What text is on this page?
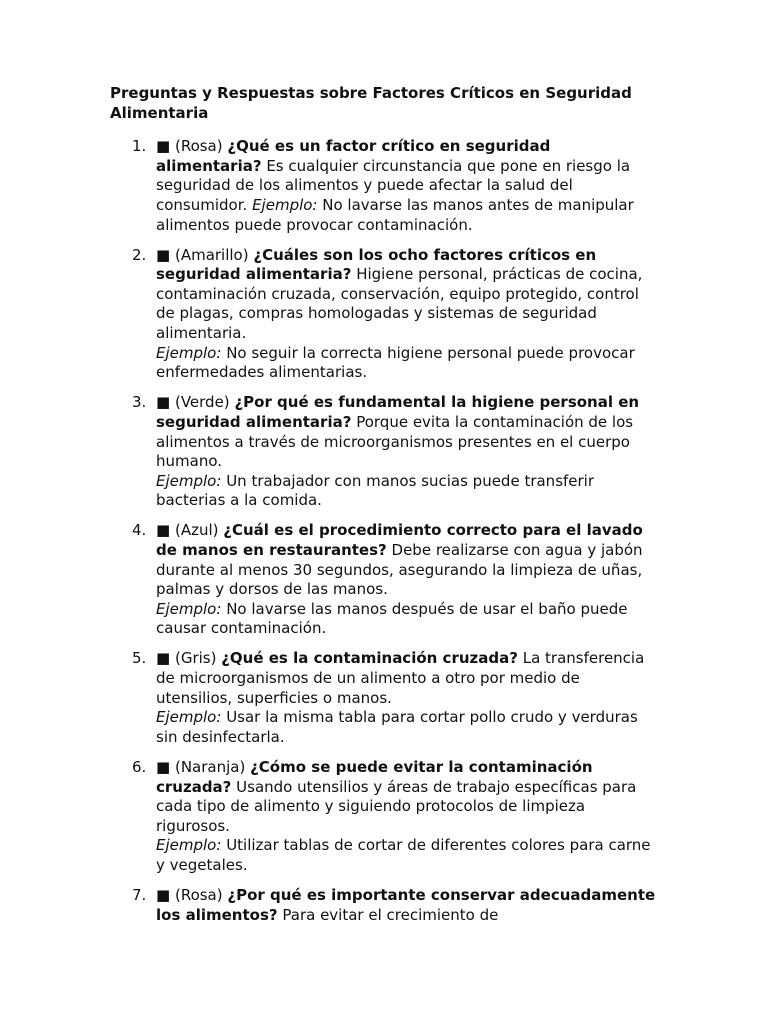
Preguntas y Respuestas sobre Factores Críticos en Seguridad Alimentaria
1. ■ (Rosa) ¿Qué es un factor crítico en seguridad alimentaria? Es cualquier circunstancia que pone en riesgo la seguridad de los alimentos y puede afectar la salud del consumidor. Ejemplo: No lavarse las manos antes de manipular alimentos puede provocar contaminación.
2. ■ (Amarillo) ¿Cuáles son los ocho factores críticos en seguridad alimentaria? Higiene personal, prácticas de cocina, contaminación cruzada, conservación, equipo protegido, control de plagas, compras homologadas y sistemas de seguridad alimentaria.
Ejemplo: No seguir la correcta higiene personal puede provocar enfermedades alimentarias.
3. ■ (Verde) ¿Por qué es fundamental la higiene personal en seguridad alimentaria? Porque evita la contaminación de los alimentos a través de microorganismos presentes en el cuerpo humano.
Ejemplo: Un trabajador con manos sucias puede transferir bacterias a la comida.
4. ■ (Azul) ¿Cuál es el procedimiento correcto para el lavado de manos en restaurantes? Debe realizarse con agua y jabón durante al menos 30 segundos, asegurando la limpieza de uñas, palmas y dorsos de las manos.
Ejemplo: No lavarse las manos después de usar el baño puede causar contaminación.
5. ■ (Gris) ¿Qué es la contaminación cruzada? La transferencia de microorganismos de un alimento a otro por medio de utensilios, superficies o manos.
Ejemplo: Usar la misma tabla para cortar pollo crudo y verduras sin desinfectarla.
6. ■ (Naranja) ¿Cómo se puede evitar la contaminación cruzada? Usando utensilios y áreas de trabajo específicas para cada tipo de alimento y siguiendo protocolos de limpieza rigurosos.
Ejemplo: Utilizar tablas de cortar de diferentes colores para carne y vegetales.
7. ■ (Rosa) ¿Por qué es importante conservar adecuadamente los alimentos? Para evitar el crecimiento de
